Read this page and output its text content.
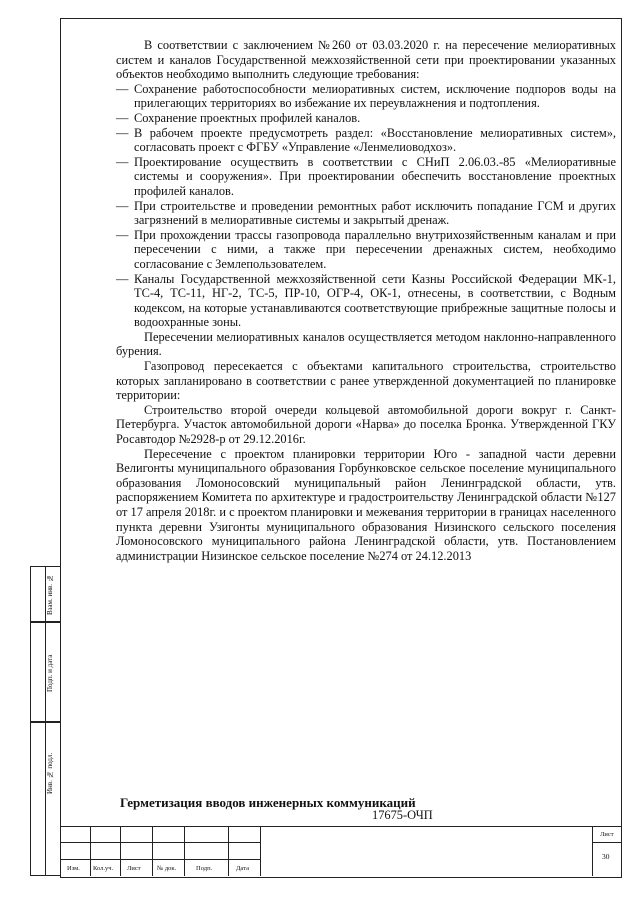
Взам. инв. №
Подп. и дата
Инв. № подл.

В соответствии с заключением №260 от 03.03.2020 г. на пересечение мелиоративных систем и каналов Государственной межхозяйственной сети при проектировании указанных объектов необходимо выполнить следующие требования:

— Сохранение работоспособности мелиоративных систем, исключение подпоров воды на прилегающих территориях во избежание их переувлажнения и подтопления.
— Сохранение проектных профилей каналов.
— В рабочем проекте предусмотреть раздел: «Восстановление мелиоративных систем», согласовать проект с ФГБУ «Управление «Ленмелиоводхоз».
— Проектирование осуществить в соответствии с СНиП 2.06.03.-85 «Мелиоративные системы и сооружения». При проектировании обеспечить восстановление проектных профилей каналов.
— При строительстве и проведении ремонтных работ исключить попадание ГСМ и других загрязнений в мелиоративные системы и закрытый дренаж.
— При прохождении трассы газопровода параллельно внутрихозяйственным каналам и при пересечении с ними, а также при пересечении дренажных систем, необходимо согласование с Землепользователем.
— Каналы Государственной межхозяйственной сети Казны Российской Федерации МК-1, ТС-4, ТС-11, НГ-2, ТС-5, ПР-10, ОГР-4, ОК-1, отнесены, в соответствии, с Водным кодексом, на которые устанавливаются соответствующие прибрежные защитные полосы и водоохранные зоны.

Пересечении мелиоративных каналов осуществляется методом наклонно-направленного бурения.

Газопровод пересекается с объектами капитального строительства, строительство которых запланировано в соответствии с ранее утвержденной документацией по планировке территории:

Строительство второй очереди кольцевой автомобильной дороги вокруг г. Санкт-Петербурга. Участок автомобильной дороги «Нарва» до поселка Бронка. Утвержденной ГКУ Росавтодор №2928-р от 29.12.2016г.

Пересечение с проектом планировки территории Юго - западной части деревни Велигонты муниципального образования Горбунковское сельское поселение муниципального образования Ломоносовский муниципальный район Ленинградской области, утв. распоряжением Комитета по архитектуре и градостроительству Ленинградской области №127 от 17 апреля 2018г. и с проектом планировки и межевания территории в границах населенного пункта деревни Узигонты муниципального образования Низинского сельского поселения Ломоносовского муниципального района Ленинградской области, утв. Постановлением администрации Низинское сельское поселение №274 от 24.12.2013

Герметизация вводов инженерных коммуникаций
17675-ОЧП
Изм. Кол.уч. Лист	№ док.	Подп.	Дата
Лист
30
